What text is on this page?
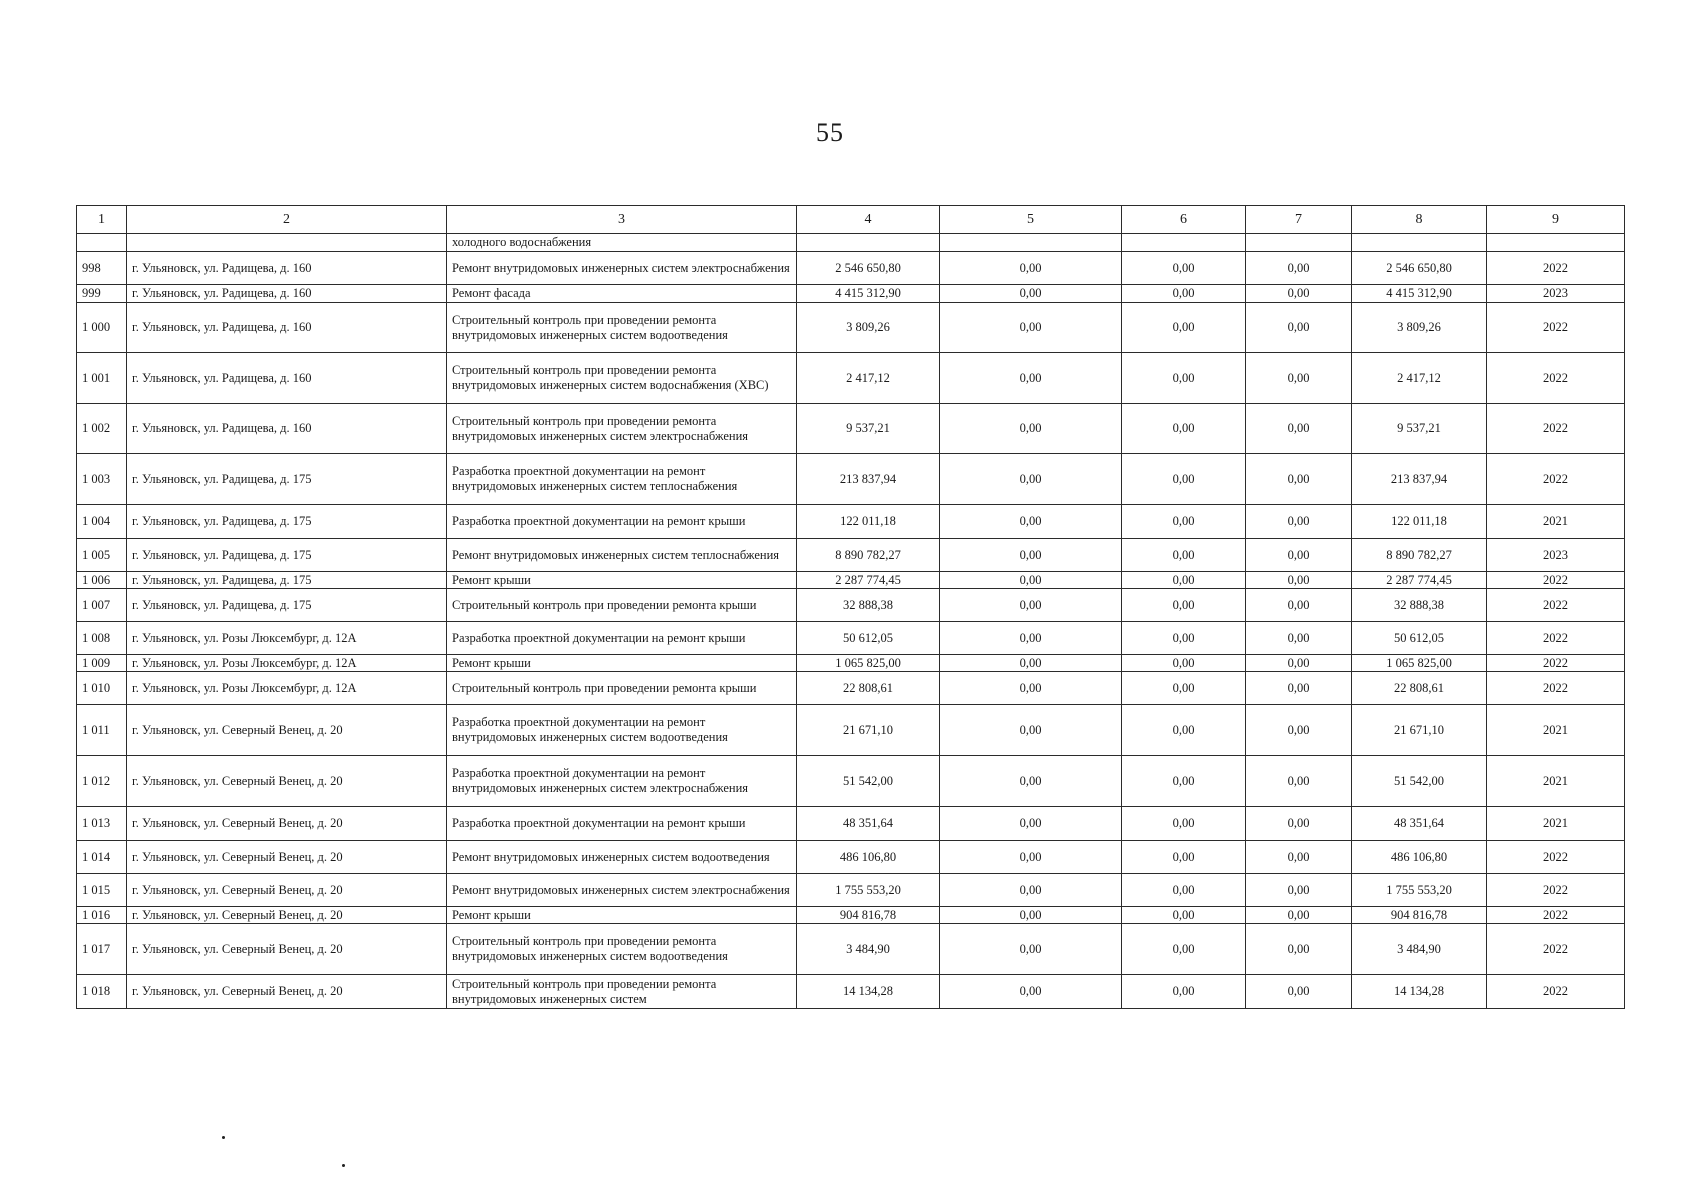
55
1	2	3	4	5	6	7	8	9
		холодного водоснабжения						
998	г. Ульяновск, ул. Радищева, д. 160	Ремонт внутридомовых инженерных систем электроснабжения	2 546 650,80	0,00	0,00	0,00	2 546 650,80	2022
999	г. Ульяновск, ул. Радищева, д. 160	Ремонт фасада	4 415 312,90	0,00	0,00	0,00	4 415 312,90	2023
1 000	г. Ульяновск, ул. Радищева, д. 160	Строительный контроль при проведении ремонта внутридомовых инженерных систем водоотведения	3 809,26	0,00	0,00	0,00	3 809,26	2022
1 001	г. Ульяновск, ул. Радищева, д. 160	Строительный контроль при проведении ремонта внутридомовых инженерных систем водоснабжения (ХВС)	2 417,12	0,00	0,00	0,00	2 417,12	2022
1 002	г. Ульяновск, ул. Радищева, д. 160	Строительный контроль при проведении ремонта внутридомовых инженерных систем электроснабжения	9 537,21	0,00	0,00	0,00	9 537,21	2022
1 003	г. Ульяновск, ул. Радищева, д. 175	Разработка проектной документации на ремонт внутридомовых инженерных систем теплоснабжения	213 837,94	0,00	0,00	0,00	213 837,94	2022
1 004	г. Ульяновск, ул. Радищева, д. 175	Разработка проектной документации на ремонт крыши	122 011,18	0,00	0,00	0,00	122 011,18	2021
1 005	г. Ульяновск, ул. Радищева, д. 175	Ремонт внутридомовых инженерных систем теплоснабжения	8 890 782,27	0,00	0,00	0,00	8 890 782,27	2023
1 006	г. Ульяновск, ул. Радищева, д. 175	Ремонт крыши	2 287 774,45	0,00	0,00	0,00	2 287 774,45	2022
1 007	г. Ульяновск, ул. Радищева, д. 175	Строительный контроль при проведении ремонта крыши	32 888,38	0,00	0,00	0,00	32 888,38	2022
1 008	г. Ульяновск, ул. Розы Люксембург, д. 12А	Разработка проектной документации на ремонт крыши	50 612,05	0,00	0,00	0,00	50 612,05	2022
1 009	г. Ульяновск, ул. Розы Люксембург, д. 12А	Ремонт крыши	1 065 825,00	0,00	0,00	0,00	1 065 825,00	2022
1 010	г. Ульяновск, ул. Розы Люксембург, д. 12А	Строительный контроль при проведении ремонта крыши	22 808,61	0,00	0,00	0,00	22 808,61	2022
1 011	г. Ульяновск, ул. Северный Венец, д. 20	Разработка проектной документации на ремонт внутридомовых инженерных систем водоотведения	21 671,10	0,00	0,00	0,00	21 671,10	2021
1 012	г. Ульяновск, ул. Северный Венец, д. 20	Разработка проектной документации на ремонт внутридомовых инженерных систем электроснабжения	51 542,00	0,00	0,00	0,00	51 542,00	2021
1 013	г. Ульяновск, ул. Северный Венец, д. 20	Разработка проектной документации на ремонт крыши	48 351,64	0,00	0,00	0,00	48 351,64	2021
1 014	г. Ульяновск, ул. Северный Венец, д. 20	Ремонт внутридомовых инженерных систем водоотведения	486 106,80	0,00	0,00	0,00	486 106,80	2022
1 015	г. Ульяновск, ул. Северный Венец, д. 20	Ремонт внутридомовых инженерных систем электроснабжения	1 755 553,20	0,00	0,00	0,00	1 755 553,20	2022
1 016	г. Ульяновск, ул. Северный Венец, д. 20	Ремонт крыши	904 816,78	0,00	0,00	0,00	904 816,78	2022
1 017	г. Ульяновск, ул. Северный Венец, д. 20	Строительный контроль при проведении ремонта внутридомовых инженерных систем водоотведения	3 484,90	0,00	0,00	0,00	3 484,90	2022
1 018	г. Ульяновск, ул. Северный Венец, д. 20	Строительный контроль при проведении ремонта внутридомовых инженерных систем	14 134,28	0,00	0,00	0,00	14 134,28	2022
